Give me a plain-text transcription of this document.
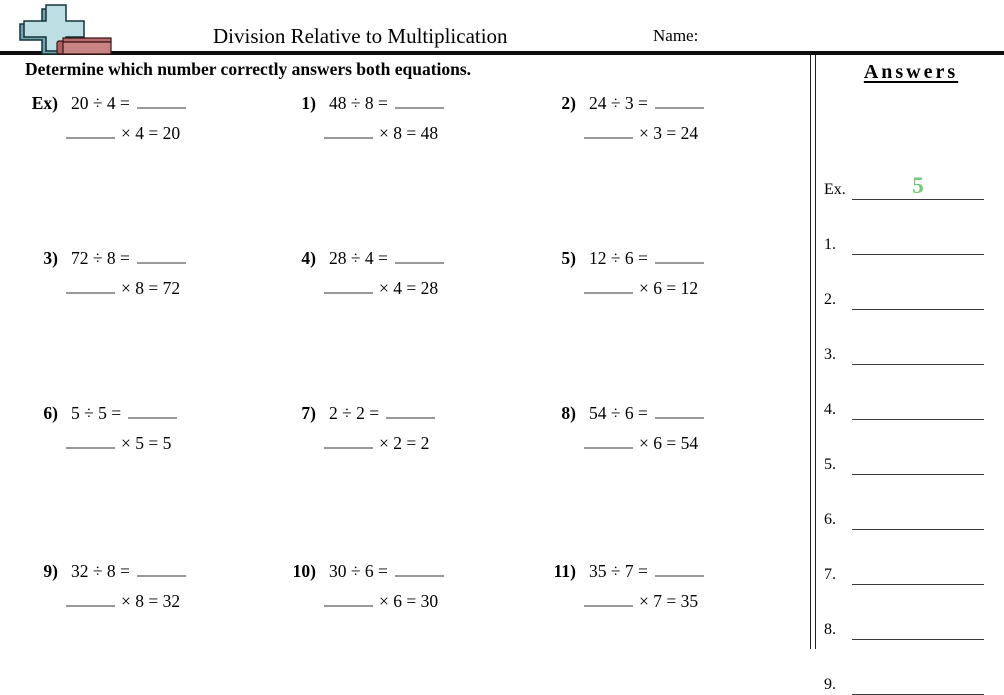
Division Relative to Multiplication	Name:
Determine which number correctly answers both equations.
Ex) 20 ÷ 4 =
× 4 = 20
1) 48 ÷ 8 =
× 8 = 48
2) 24 ÷ 3 =
× 3 = 24
3) 72 ÷ 8 =
× 8 = 72
4) 28 ÷ 4 =
× 4 = 28
5) 12 ÷ 6 =
× 6 = 12
6) 5 ÷ 5 =
× 5 = 5
7) 2 ÷ 2 =
× 2 = 2
8) 54 ÷ 6 =
× 6 = 54
9) 32 ÷ 8 =
× 8 = 32
10) 30 ÷ 6 =
× 6 = 30
11) 35 ÷ 7 =
× 7 = 35
Answers
Ex.	5
1.
2.
3.
4.
5.
6.
7.
8.
9.
